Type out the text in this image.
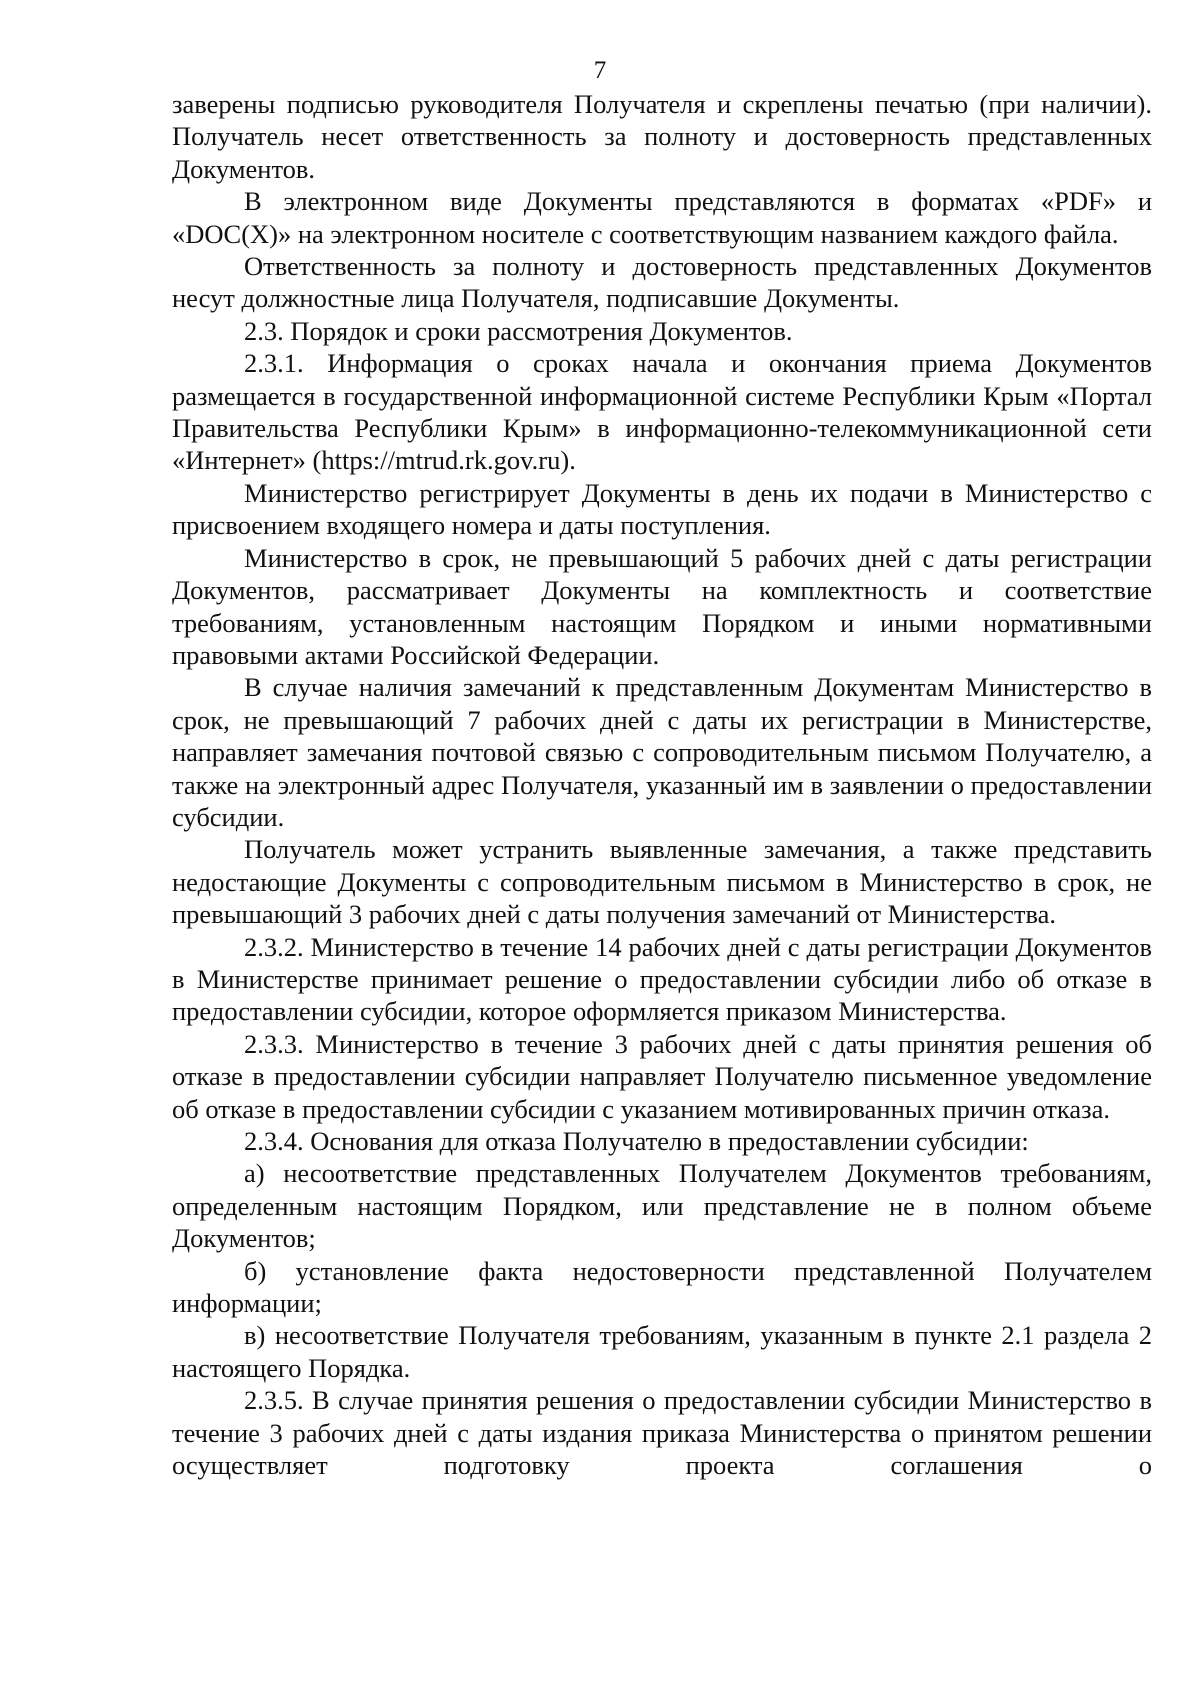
7

заверены подписью руководителя Получателя и скреплены печатью (при наличии). Получатель несет ответственность за полноту и достоверность представленных Документов.

В электронном виде Документы представляются в форматах «PDF» и «DOC(X)» на электронном носителе с соответствующим названием каждого файла.

Ответственность за полноту и достоверность представленных Документов несут должностные лица Получателя, подписавшие Документы.

2.3. Порядок и сроки рассмотрения Документов.

2.3.1. Информация о сроках начала и окончания приема Документов размещается в государственной информационной системе Республики Крым «Портал Правительства Республики Крым» в информационно-телекоммуникационной сети «Интернет» (https://mtrud.rk.gov.ru).

Министерство регистрирует Документы в день их подачи в Министерство с присвоением входящего номера и даты поступления.

Министерство в срок, не превышающий 5 рабочих дней с даты регистрации Документов, рассматривает Документы на комплектность и соответствие требованиям, установленным настоящим Порядком и иными нормативными правовыми актами Российской Федерации.

В случае наличия замечаний к представленным Документам Министерство в срок, не превышающий 7 рабочих дней с даты их регистрации в Министерстве, направляет замечания почтовой связью с сопроводительным письмом Получателю, а также на электронный адрес Получателя, указанный им в заявлении о предоставлении субсидии.

Получатель может устранить выявленные замечания, а также представить недостающие Документы с сопроводительным письмом в Министерство в срок, не превышающий 3 рабочих дней с даты получения замечаний от Министерства.

2.3.2. Министерство в течение 14 рабочих дней с даты регистрации Документов в Министерстве принимает решение о предоставлении субсидии либо об отказе в предоставлении субсидии, которое оформляется приказом Министерства.

2.3.3. Министерство в течение 3 рабочих дней с даты принятия решения об отказе в предоставлении субсидии направляет Получателю письменное уведомление об отказе в предоставлении субсидии с указанием мотивированных причин отказа.

2.3.4. Основания для отказа Получателю в предоставлении субсидии:

а) несоответствие представленных Получателем Документов требованиям, определенным настоящим Порядком, или представление не в полном объеме Документов;

б) установление факта недостоверности представленной Получателем информации;

в) несоответствие Получателя требованиям, указанным в пункте 2.1 раздела 2 настоящего Порядка.

2.3.5. В случае принятия решения о предоставлении субсидии Министерство в течение 3 рабочих дней с даты издания приказа Министерства о принятом решении осуществляет подготовку проекта соглашения о
